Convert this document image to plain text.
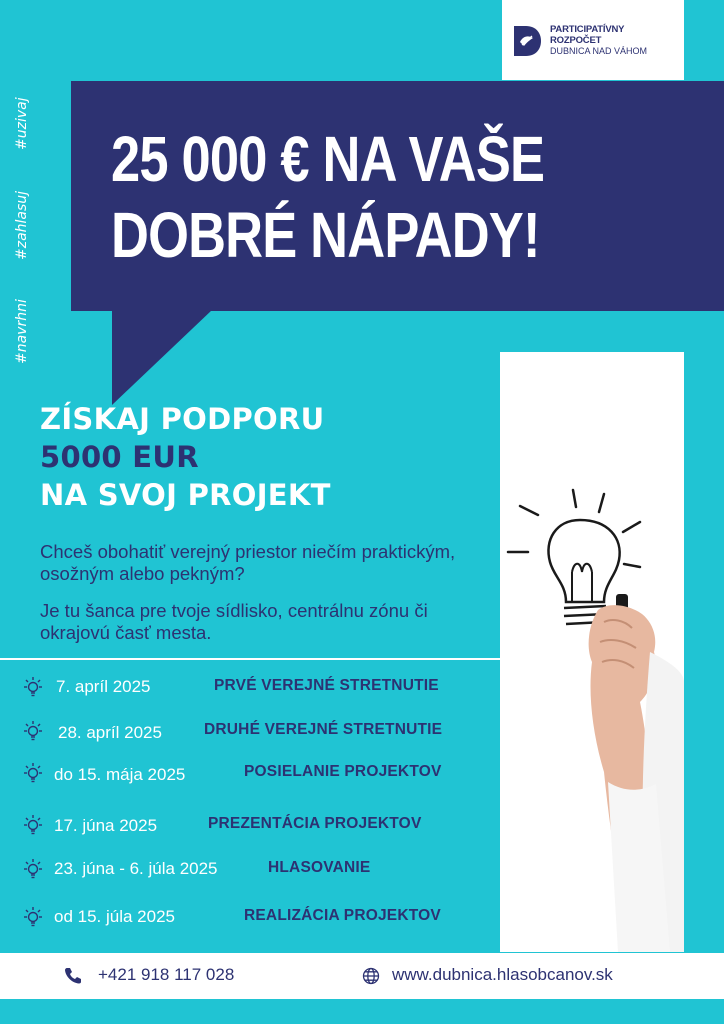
PARTICIPATÍVNY
ROZPOČET
DUBNICA NAD VÁHOM
#navrhni
#zahlasuj
#uzivaj 25 000 € NA VAŠE
DOBRÉ NÁPADY!
ZÍSKAJ PODPORU
5000 EUR
NA SVOJ PROJEKT
Chceš obohatiť verejný priestor niečím praktickým, osožným alebo pekným?
Je tu šanca pre tvoje sídlisko, centrálnu zónu či okrajovú časť mesta.
7. apríl 2025	PRVÉ VEREJNÉ STRETNUTIE
28. apríl 2025	DRUHÉ VEREJNÉ STRETNUTIE
do 15. mája 2025	POSIELANIE PROJEKTOV
17. júna 2025	PREZENTÁCIA PROJEKTOV
23. júna - 6. júla 2025	HLASOVANIE
od 15. júla 2025	REALIZÁCIA PROJEKTOV
+421 918 117 028	www.dubnica.hlasobcanov.sk
